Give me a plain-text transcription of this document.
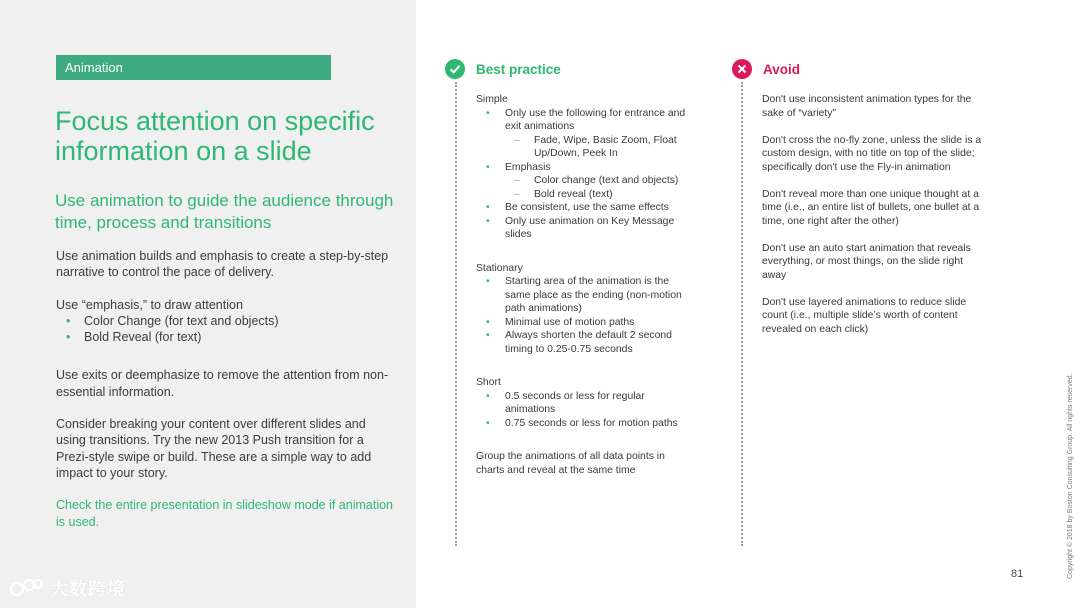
Animation
Focus attention on specific information on a slide
Use animation to guide the audience through time, process and transitions

Use animation builds and emphasis to create a step-by-step narrative to control the pace of delivery.

Use “emphasis,” to draw attention

• Color Change (for text and objects)
• Bold Reveal (for text)

Use exits or deemphasize to remove the attention from non-essential information.

Consider breaking your content over different slides and using transitions. Try the new 2013 Push transition for a Prezi-style swipe or build. These are a simple way to add impact to your story.

Check the entire presentation in slideshow mode if animation is used.

大数跨境
Best practice
Simple
• Only use the following for entrance and exit animations
– Fade, Wipe, Basic Zoom, Float Up/Down, Peek In
• Emphasis
– Color change (text and objects)
– Bold reveal (text)
• Be consistent, use the same effects
• Only use animation on Key Message slides
Stationary
• Starting area of the animation is the same place as the ending (non-motion path animations)
• Minimal use of motion paths
• Always shorten the default 2 second timing to 0.25-0.75 seconds
Short
• 0.5 seconds or less for regular animations
• 0.75 seconds or less for motion paths
Group the animations of all data points in charts and reveal at the same time
Avoid

Don't use inconsistent animation types for the sake of “variety”

Don't cross the no-fly zone, unless the slide is a custom design, with no title on top of the slide; specifically don't use the Fly-in animation

Don't reveal more than one unique thought at a time (i.e., an entire list of bullets, one bullet at a time, one right after the other)

Don't use an auto start animation that reveals everything, or most things, on the slide right away

Don't use layered animations to reduce slide count (i.e., multiple slide’s worth of content revealed on each click)

81	Copyright © 2018 by Boston Consulting Group. All rights reserved.
